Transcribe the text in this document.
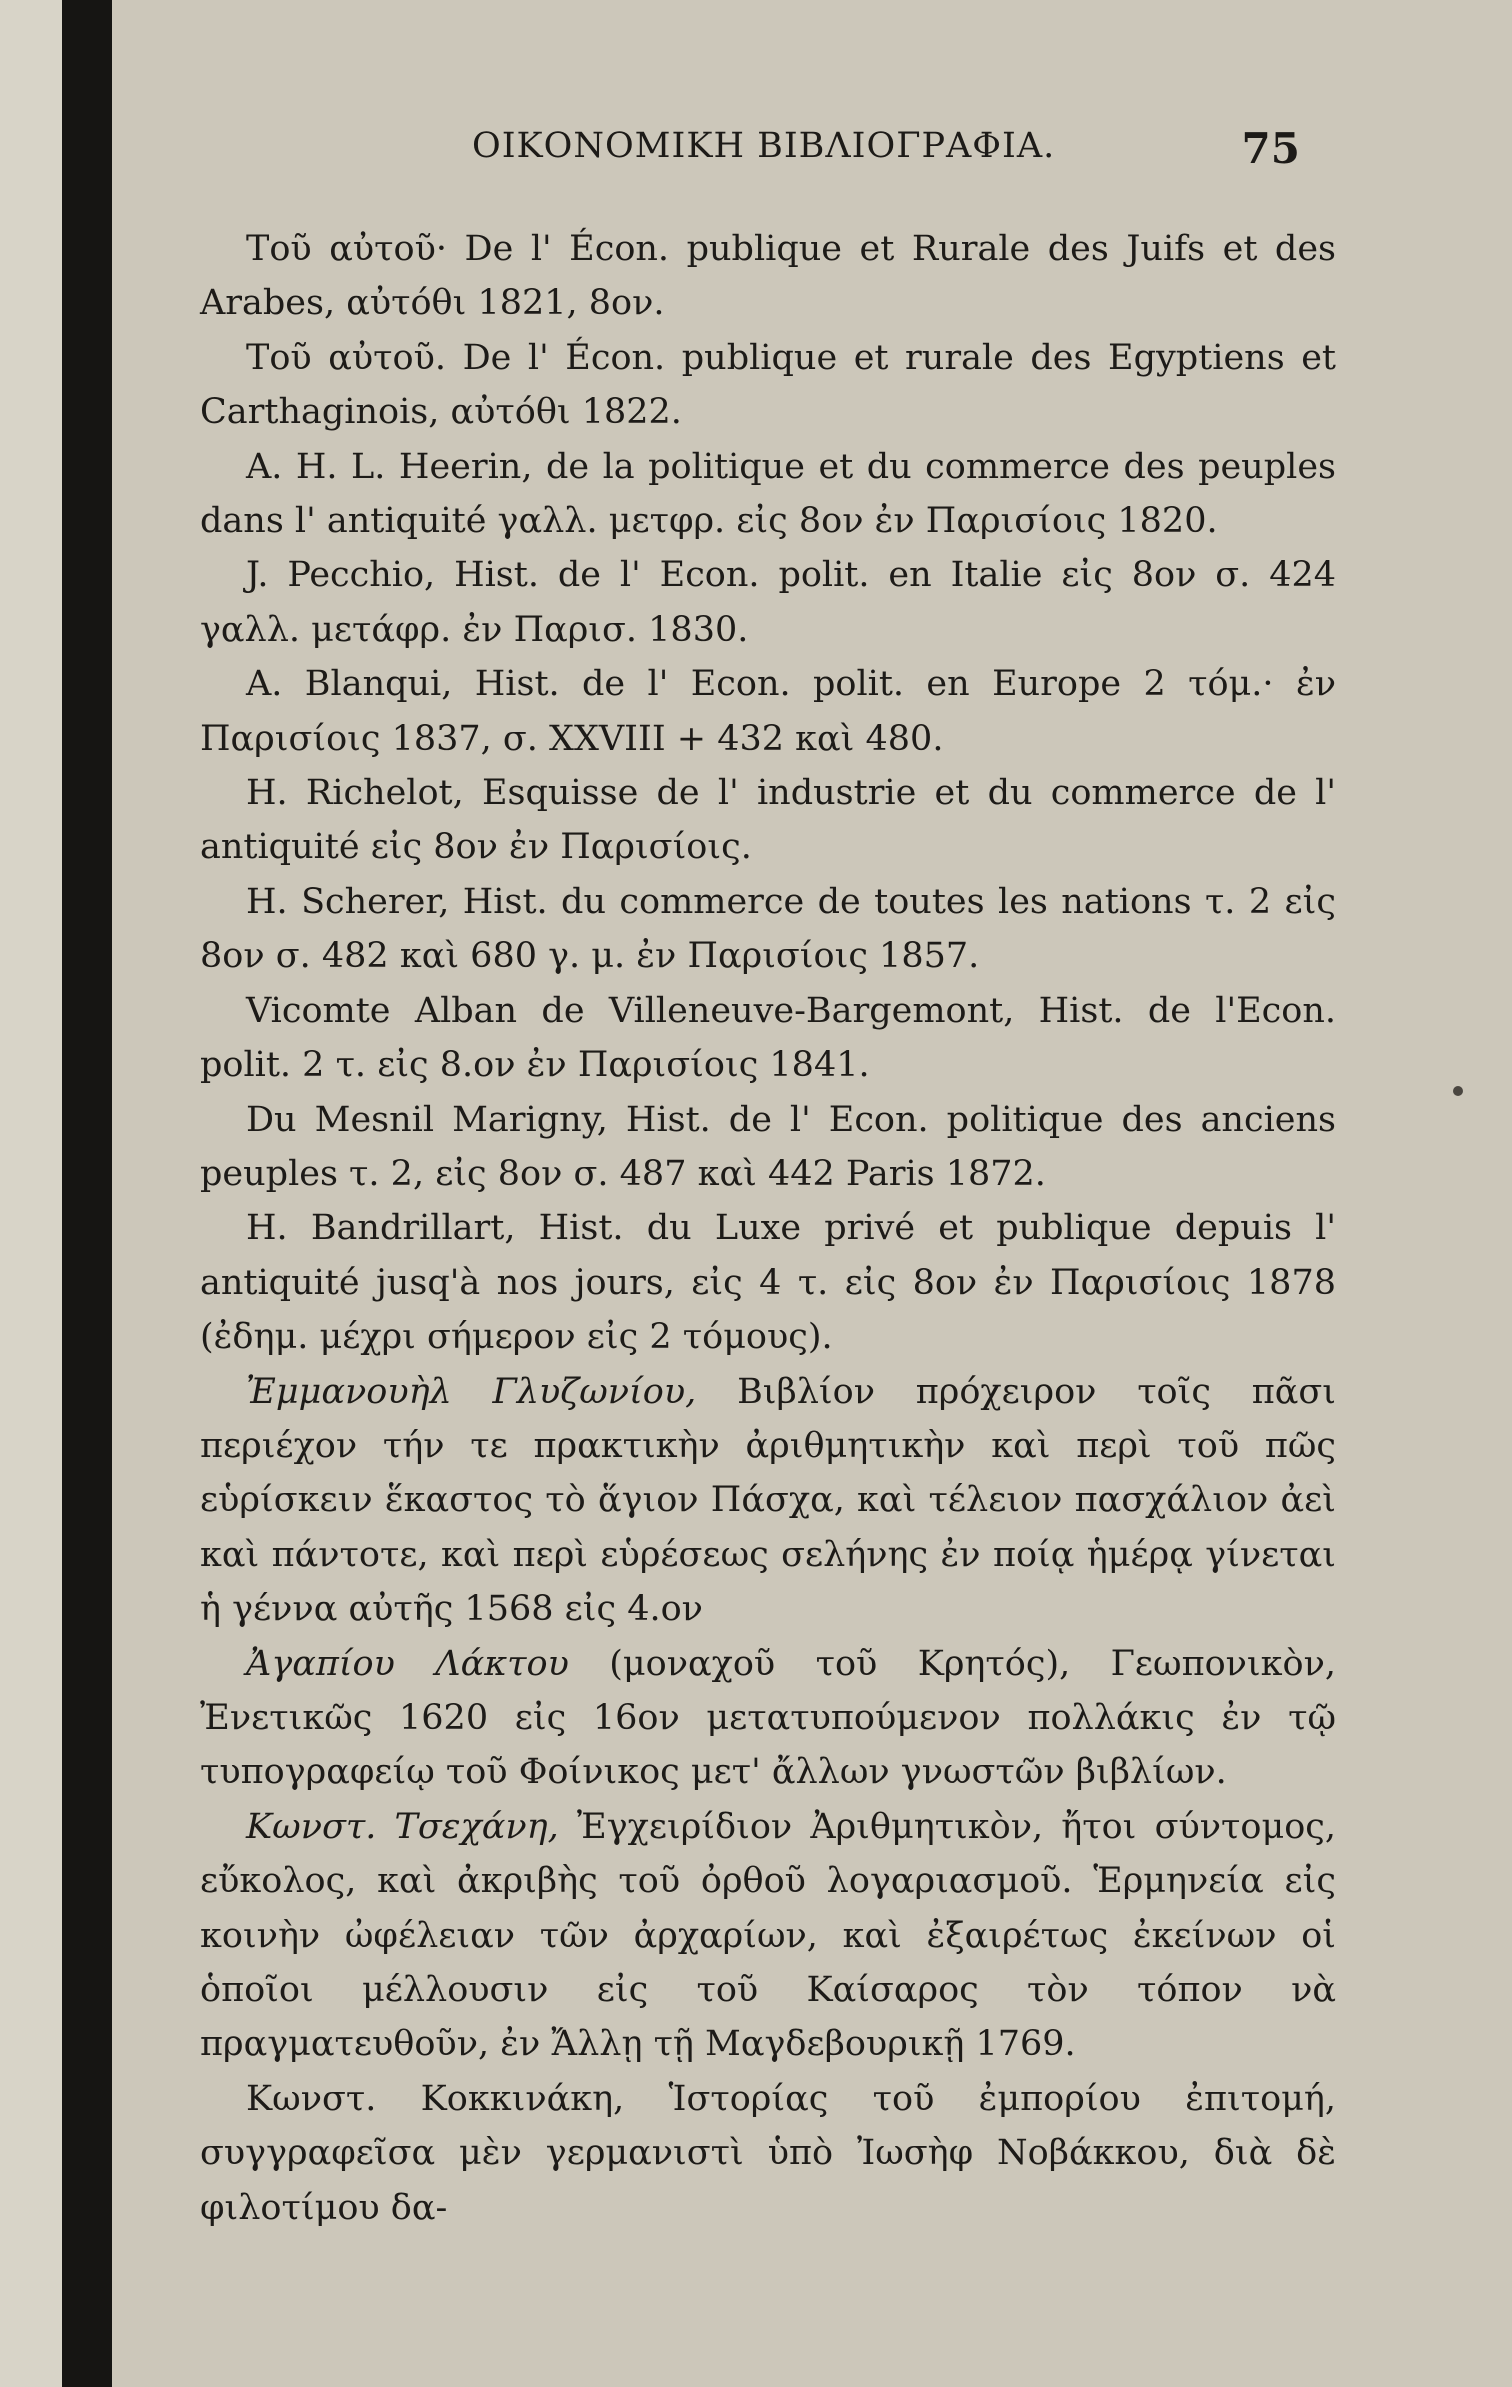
ΟΙΚΟΝΟΜΙΚΗ ΒΙΒΛΙΟΓΡΑΦΙΑ.	75

Τοῦ αὐτοῦ· De l' Écon. publique et Rurale des Juifs et des Arabes, αὐτόθι 1821, 8ον.

Τοῦ αὐτοῦ. De l' Écon. publique et rurale des Egyptiens et Carthaginois, αὐτόθι 1822.

A. H. L. Heerin, de la politique et du commerce des peuples dans l' antiquité γαλλ. μετφρ. εἰς 8ον ἐν Παρισίοις 1820.

J. Pecchio, Hist. de l' Econ. polit. en Italie εἰς 8ον σ. 424 γαλλ. μετάφρ. ἐν Παρισ. 1830.

A. Blanqui, Hist. de l' Econ. polit. en Europe 2 τόμ.· ἐν Παρισίοις 1837, σ. XXVIII + 432 καὶ 480.

H. Richelot, Esquisse de l' industrie et du commerce de l' antiquité εἰς 8ον ἐν Παρισίοις.

H. Scherer, Hist. du commerce de toutes les nations τ. 2 εἰς 8ον σ. 482 καὶ 680 γ. μ. ἐν Παρισίοις 1857.

Vicomte Alban de Villeneuve-Bargemont, Hist. de l'Econ. polit. 2 τ. εἰς 8.ον ἐν Παρισίοις 1841.

Du Mesnil Marigny, Hist. de l' Econ. politique des anciens peuples τ. 2, εἰς 8ον σ. 487 καὶ 442 Paris 1872.

H. Bandrillart, Hist. du Luxe privé et publique depuis l' antiquité jusq'à nos jours, εἰς 4 τ. εἰς 8ον ἐν Παρισίοις 1878 (ἐδημ. μέχρι σήμερον εἰς 2 τόμους).

Ἐμμανουὴλ Γλυζωνίου, Βιβλίον πρόχειρον τοῖς πᾶσι περιέχον τήν τε πρακτικὴν ἀριθμητικὴν καὶ περὶ τοῦ πῶς εὑρίσκειν ἕκαστος τὸ ἅγιον Πάσχα, καὶ τέλειον πασχάλιον ἀεὶ καὶ πάντοτε, καὶ περὶ εὑρέσεως σελήνης ἐν ποίᾳ ἡμέρᾳ γίνεται ἡ γέννα αὐτῆς 1568 εἰς 4.ον

Ἀγαπίου Λάκτου (μοναχοῦ τοῦ Κρητός), Γεωπονικὸν, Ἐνετικῶς 1620 εἰς 16ον μετατυπούμενον πολλάκις ἐν τῷ τυπογραφείῳ τοῦ Φοίνικος μετ' ἄλλων γνωστῶν βιβλίων.

Κωνστ. Τσεχάνη, Ἐγχειρίδιον Ἀριθμητικὸν, ἤτοι σύντομος, εὔκολος, καὶ ἀκριβὴς τοῦ ὀρθοῦ λογαριασμοῦ. Ἑρμηνεία εἰς κοινὴν ὠφέλειαν τῶν ἀρχαρίων, καὶ ἐξαιρέτως ἐκείνων οἱ ὁποῖοι μέλλουσιν εἰς τοῦ Καίσαρος τὸν τόπον νὰ πραγματευθοῦν, ἐν Ἄλλῃ τῇ Μαγδεβουρικῇ 1769.

Κωνστ. Κοκκινάκη, Ἱστορίας τοῦ ἐμπορίου ἐπιτομή, συγγραφεῖσα μὲν γερμανιστὶ ὑπὸ Ἰωσὴφ Νοβάκκου, διὰ δὲ φιλοτίμου δα-
